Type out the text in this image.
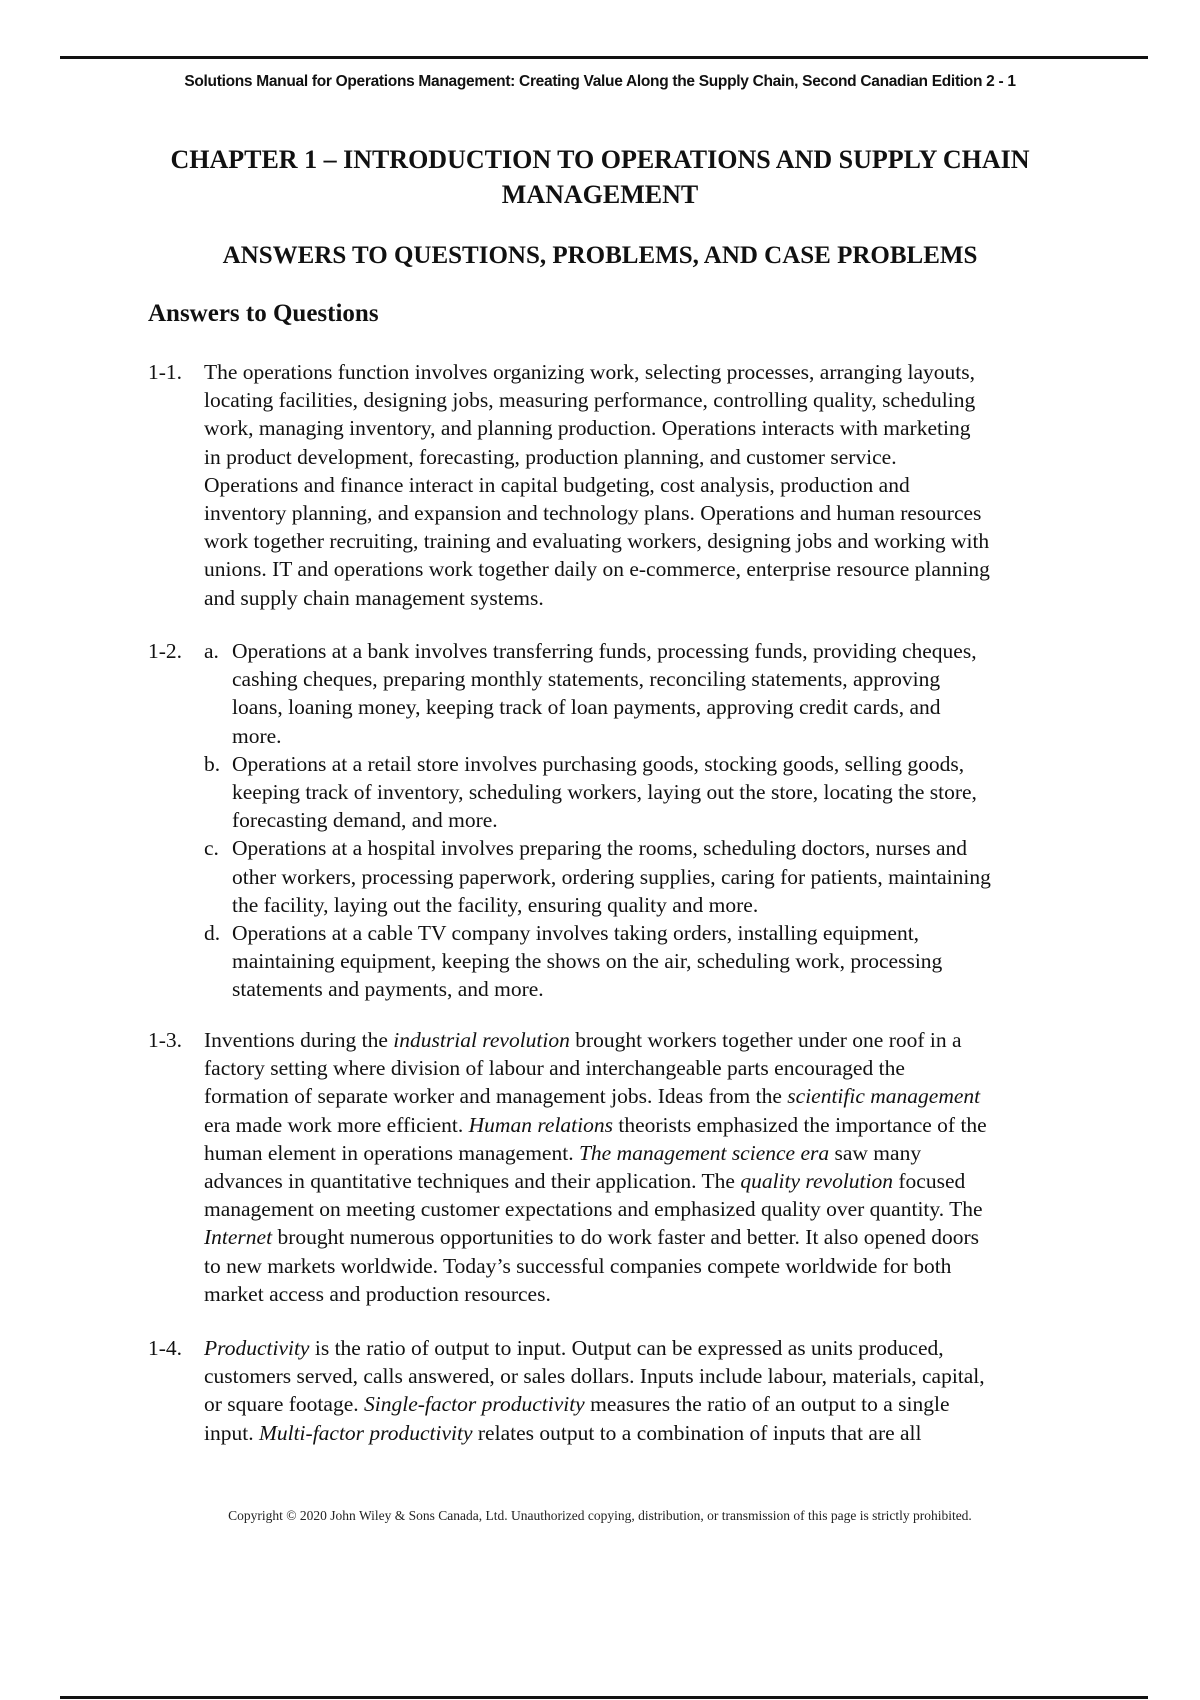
Solutions Manual for Operations Management: Creating Value Along the Supply Chain, Second Canadian Edition 2 - 1
CHAPTER 1 – INTRODUCTION TO OPERATIONS AND SUPPLY CHAIN
MANAGEMENT
ANSWERS TO QUESTIONS, PROBLEMS, AND CASE PROBLEMS
Answers to Questions
1-1. The operations function involves organizing work, selecting processes, arranging layouts,
locating facilities, designing jobs, measuring performance, controlling quality, scheduling
work, managing inventory, and planning production. Operations interacts with marketing
in product development, forecasting, production planning, and customer service.
Operations and finance interact in capital budgeting, cost analysis, production and
inventory planning, and expansion and technology plans. Operations and human resources
work together recruiting, training and evaluating workers, designing jobs and working with
unions. IT and operations work together daily on e-commerce, enterprise resource planning
and supply chain management systems.
1-2. a. Operations at a bank involves transferring funds, processing funds, providing cheques,
cashing cheques, preparing monthly statements, reconciling statements, approving
loans, loaning money, keeping track of loan payments, approving credit cards, and
more.
b. Operations at a retail store involves purchasing goods, stocking goods, selling goods,
keeping track of inventory, scheduling workers, laying out the store, locating the store,
forecasting demand, and more.
c. Operations at a hospital involves preparing the rooms, scheduling doctors, nurses and
other workers, processing paperwork, ordering supplies, caring for patients, maintaining
the facility, laying out the facility, ensuring quality and more.
d. Operations at a cable TV company involves taking orders, installing equipment,
maintaining equipment, keeping the shows on the air, scheduling work, processing
statements and payments, and more.
1-3. Inventions during the industrial revolution brought workers together under one roof in a
factory setting where division of labour and interchangeable parts encouraged the
formation of separate worker and management jobs. Ideas from the scientific management
era made work more efficient. Human relations theorists emphasized the importance of the
human element in operations management. The management science era saw many
advances in quantitative techniques and their application. The quality revolution focused
management on meeting customer expectations and emphasized quality over quantity. The
Internet brought numerous opportunities to do work faster and better. It also opened doors
to new markets worldwide. Today’s successful companies compete worldwide for both
market access and production resources.
1-4. Productivity is the ratio of output to input. Output can be expressed as units produced,
customers served, calls answered, or sales dollars. Inputs include labour, materials, capital,
or square footage. Single-factor productivity measures the ratio of an output to a single
input. Multi-factor productivity relates output to a combination of inputs that are all
Copyright © 2020 John Wiley & Sons Canada, Ltd. Unauthorized copying, distribution, or transmission of this page is strictly prohibited.
